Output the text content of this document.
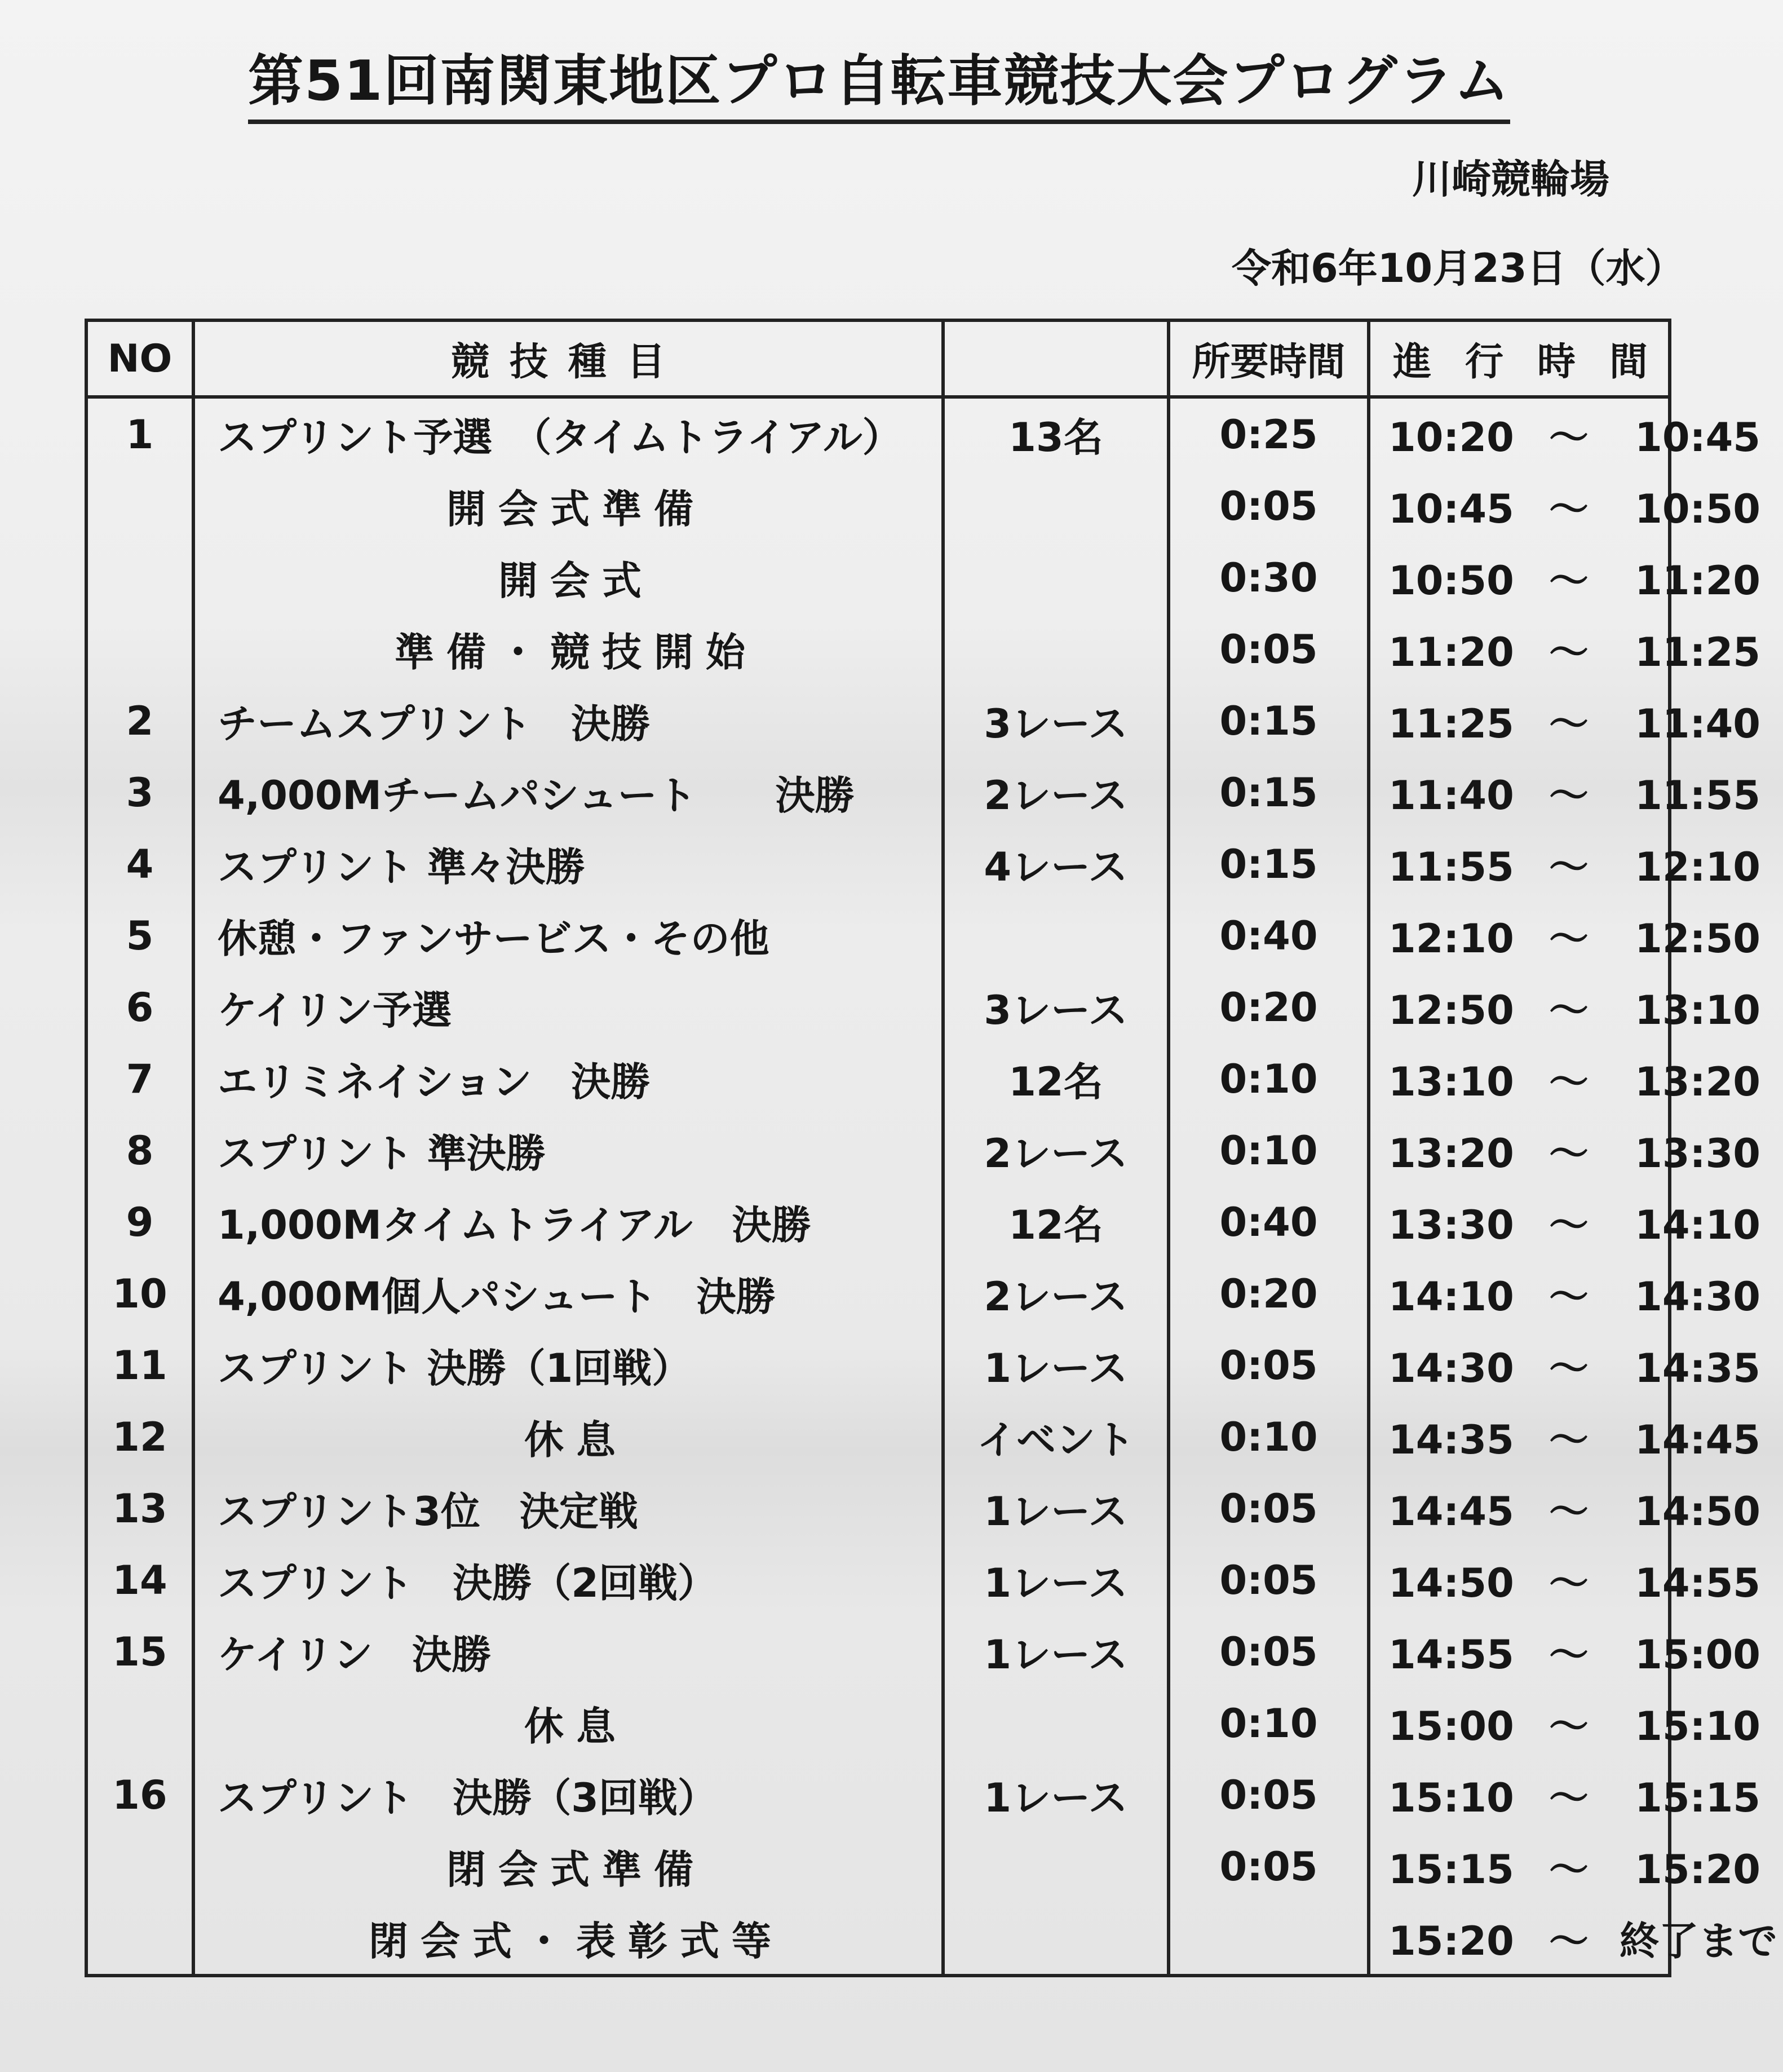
第51回南関東地区プロ自転車競技大会プログラム
川崎競輪場
令和6年10月23日（水）
NO	競技種目		所要時間	進行時間
1	スプリント予選　（タイムトライアル）	13名	0:25	10:20 ～ 10:45
	開会式準備		0:05	10:45 ～ 10:50
	開会式		0:30	10:50 ～ 11:20
	準備・競技開始		0:05	11:20 ～ 11:25
2	チームスプリント　決勝	3レース	0:15	11:25 ～ 11:40
3	4,000Mチームパシュート　　決勝	2レース	0:15	11:40 ～ 11:55
4	スプリント 準々決勝	4レース	0:15	11:55 ～ 12:10
5	休憩・ファンサービス・その他		0:40	12:10 ～ 12:50
6	ケイリン予選	3レース	0:20	12:50 ～ 13:10
7	エリミネイション　決勝	12名	0:10	13:10 ～ 13:20
8	スプリント 準決勝	2レース	0:10	13:20 ～ 13:30
9	1,000Mタイムトライアル　決勝	12名	0:40	13:30 ～ 14:10
10	4,000M個人パシュート　決勝	2レース	0:20	14:10 ～ 14:30
11	スプリント 決勝（1回戦）	1レース	0:05	14:30 ～ 14:35
12	休息	イベント	0:10	14:35 ～ 14:45
13	スプリント3位　決定戦	1レース	0:05	14:45 ～ 14:50
14	スプリント　決勝（2回戦）	1レース	0:05	14:50 ～ 14:55
15	ケイリン　決勝	1レース	0:05	14:55 ～ 15:00
	休息		0:10	15:00 ～ 15:10
16	スプリント　決勝（3回戦）	1レース	0:05	15:10 ～ 15:15
	閉会式準備		0:05	15:15 ～ 15:20
	閉会式・表彰式等			15:20 ～ 終了まで
